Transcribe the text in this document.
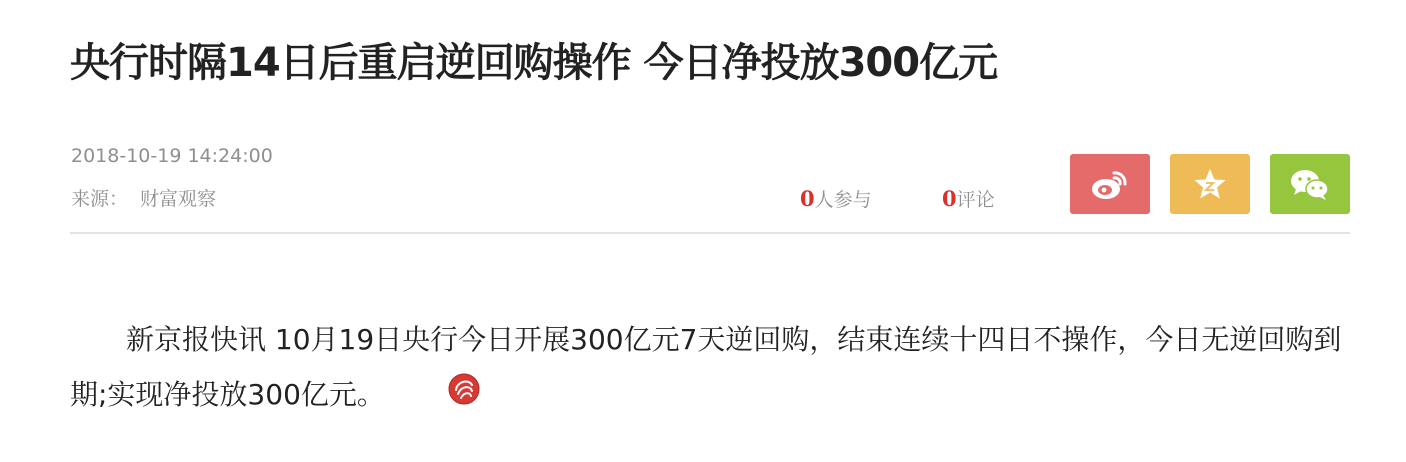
央行时隔14日后重启逆回购操作 今日净投放300亿元
2018-10-19 14:24:00
来源： 财富观察	0人参与	0评论

新京报快讯 10月19日央行今日开展300亿元7天逆回购，结束连续十四日不操作，今日无逆回购到期;实现净投放300亿元。
